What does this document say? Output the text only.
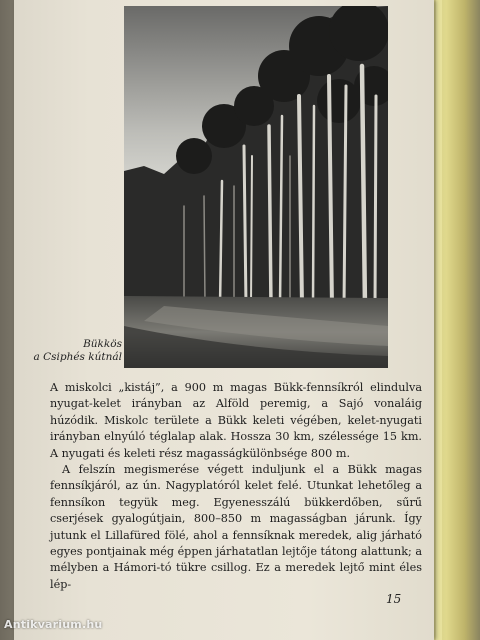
Bükkös
a Csiphés kútnál

A miskolci „kistáj”, a 900 m magas Bükk-fennsíkról elindulva nyugat-kelet irányban az Alföld peremig, a Sajó vonaláig húzódik. Miskolc területe a Bükk keleti végében, kelet-nyugati irányban elnyúló téglalap alak. Hossza 30 km, szélessége 15 km. A nyugati és keleti rész magasságkülönbsége 800 m.

A felszín megismerése végett induljunk el a Bükk magas fennsíkjáról, az ún. Nagyplatóról kelet felé. Utunkat lehetőleg a fennsíkon tegyük meg. Egyenesszálú bükkerdőben, sűrű cserjések gyalogútjain, 800–850 m magasságban járunk. Így jutunk el Lillafüred fölé, ahol a fennsíknak meredek, alig járható egyes pontjainak még éppen járhatatlan lejtője tátong alattunk; a mélyben a Hámori-tó tükre csillog. Ez a meredek lejtő mint éles lép-

15
Antikvarium.hu
